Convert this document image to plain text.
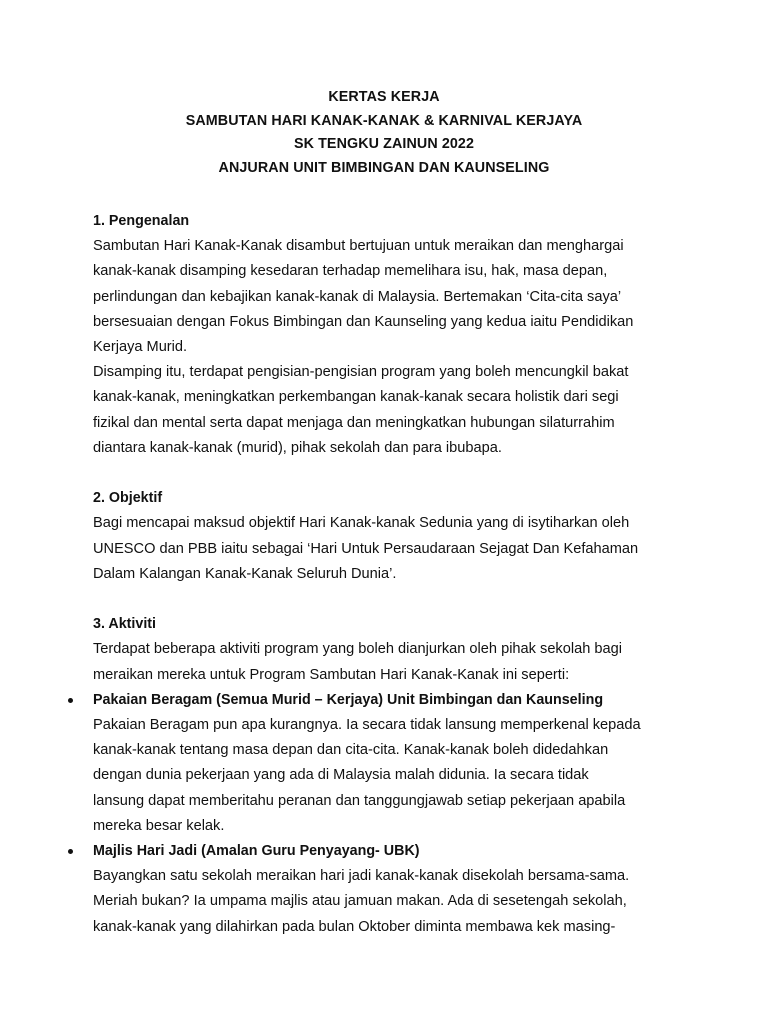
KERTAS KERJA
SAMBUTAN HARI KANAK-KANAK & KARNIVAL KERJAYA
SK TENGKU ZAINUN 2022
ANJURAN UNIT BIMBINGAN DAN KAUNSELING
1. Pengenalan
Sambutan Hari Kanak-Kanak disambut bertujuan untuk meraikan dan menghargai
kanak-kanak disamping kesedaran terhadap memelihara isu, hak, masa depan,
perlindungan dan kebajikan kanak-kanak di Malaysia. Bertemakan ‘Cita-cita saya’
bersesuaian dengan Fokus Bimbingan dan Kaunseling yang kedua iaitu Pendidikan
Kerjaya Murid.
Disamping itu, terdapat pengisian-pengisian program yang boleh mencungkil bakat
kanak-kanak, meningkatkan perkembangan kanak-kanak secara holistik dari segi
fizikal dan mental serta dapat menjaga dan meningkatkan hubungan silaturrahim
diantara kanak-kanak (murid), pihak sekolah dan para ibubapa.
2. Objektif
Bagi mencapai maksud objektif Hari Kanak-kanak Sedunia yang di isytiharkan oleh
UNESCO dan PBB iaitu sebagai ‘Hari Untuk Persaudaraan Sejagat Dan Kefahaman
Dalam Kalangan Kanak-Kanak Seluruh Dunia’.
3. Aktiviti
Terdapat beberapa aktiviti program yang boleh dianjurkan oleh pihak sekolah bagi
meraikan mereka untuk Program Sambutan Hari Kanak-Kanak ini seperti:
Pakaian Beragam (Semua Murid – Kerjaya) Unit Bimbingan dan Kaunseling
Pakaian Beragam pun apa kurangnya. Ia secara tidak lansung memperkenal kepada
kanak-kanak tentang masa depan dan cita-cita. Kanak-kanak boleh didedahkan
dengan dunia pekerjaan yang ada di Malaysia malah didunia. Ia secara tidak
lansung dapat memberitahu peranan dan tanggungjawab setiap pekerjaan apabila
mereka besar kelak.
Majlis Hari Jadi (Amalan Guru Penyayang- UBK)
Bayangkan satu sekolah meraikan hari jadi kanak-kanak disekolah bersama-sama.
Meriah bukan? Ia umpama majlis atau jamuan makan. Ada di sesetengah sekolah,
kanak-kanak yang dilahirkan pada bulan Oktober diminta membawa kek masing-
